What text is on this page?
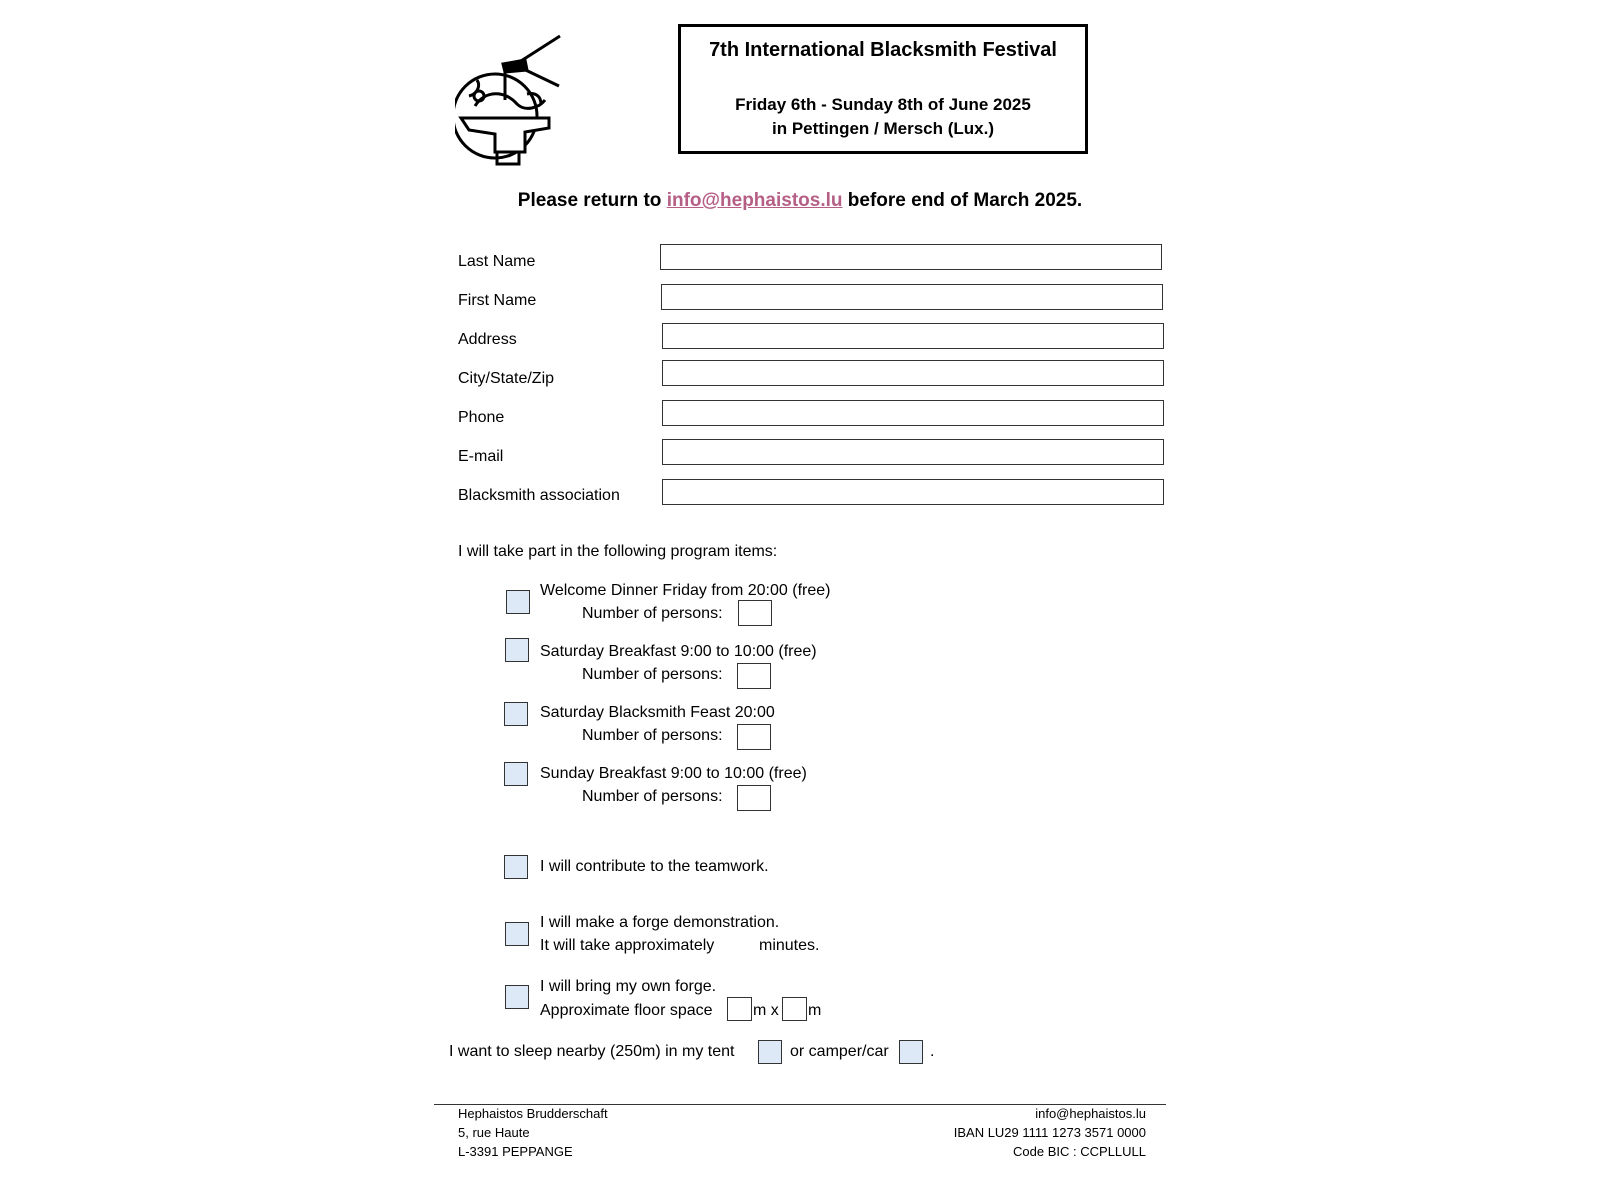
7th International Blacksmith Festival
Friday 6th - Sunday 8th of June 2025
in Pettingen / Mersch (Lux.)
Please return to info@hephaistos.lu before end of March 2025.
Last Name
First Name
Address
City/State/Zip
Phone
E-mail
Blacksmith association
I will take part in the following program items:
Welcome Dinner Friday from 20:00 (free)
Number of persons:
Saturday Breakfast 9:00 to 10:00 (free)
Number of persons:
Saturday Blacksmith Feast 20:00
Number of persons:
Sunday Breakfast 9:00 to 10:00 (free)
Number of persons:
I will contribute to the teamwork.
I will make a forge demonstration.
It will take approximately	minutes.
I will bring my own forge.
Approximate floor space	m x m
I want to sleep nearby (250m) in my tent	or camper/car	.
Hephaistos Brudderschaft
5, rue Haute
L-3391 PEPPANGE
info@hephaistos.lu
IBAN LU29 1111 1273 3571 0000
Code BIC : CCPLLULL
